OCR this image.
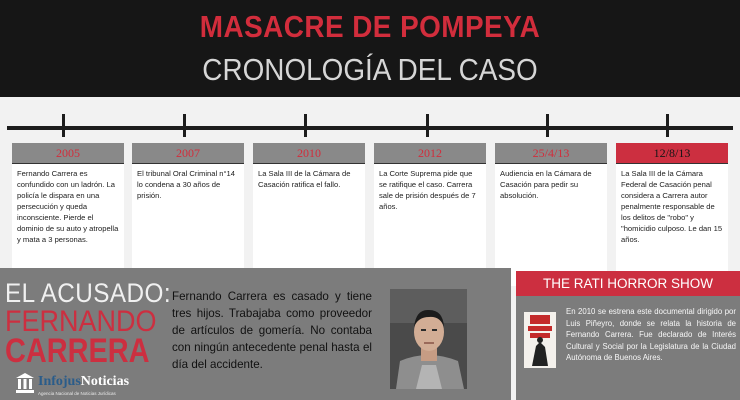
MASACRE DE POMPEYA
CRONOLOGÍA DEL CASO
2005
Fernando Carrera es confundido con un ladrón. La policía le dispara en una persecución y queda inconsciente. Pierde el dominio de su auto y atropella y mata a 3 personas.
2007
El tribunal Oral Criminal n°14 lo condena a 30 años de prisión.
2010
La Sala III de la Cámara de Casación ratifica el fallo.
2012
La Corte Suprema pide que se ratifique el caso. Carrera sale de prisión después de 7 años.
25/4/13
Audiencia en la Cámara de Casación para pedir su absolución.
12/8/13
La Sala III de la Cámara Federal de Casación penal considera a Carrera autor penalmente responsable de los delitos de "robo" y "homicidio culposo. Le dan 15 años.
EL ACUSADO:
FERNANDO
CARRERA
Fernando Carrera es casado y tiene tres hijos. Trabajaba como proveedor de artículos de gomería. No contaba con ningún antecedente penal hasta el día del accidente.
InfojusNoticias
Agencia Nacional de Noticias Jurídicas
THE RATI HORROR SHOW
En 2010 se estrena este documental dirigido por Luis Piñeyro, donde se relata la historia de Fernando Carrera. Fue declarado de Interés Cultural y Social por la Legislatura de la Ciudad Autónoma de Buenos Aires.
